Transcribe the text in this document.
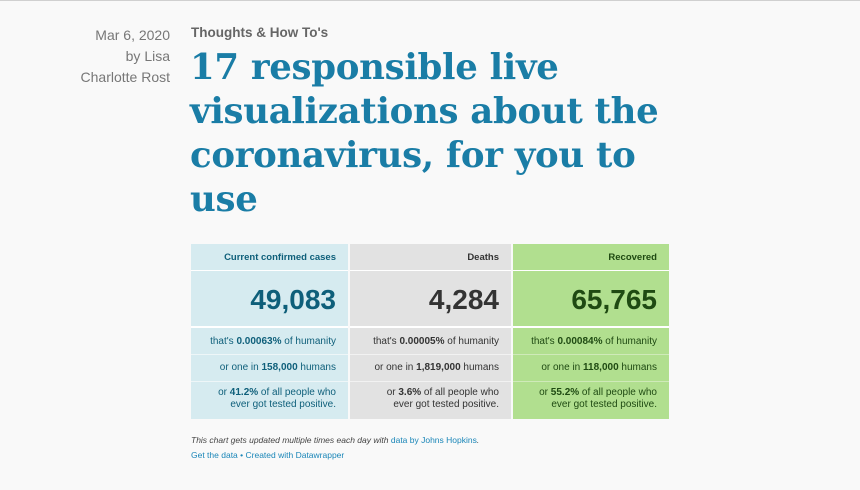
Mar 6, 2020
by Lisa
Charlotte Rost
Thoughts & How To's
17 responsible live visualizations about the coronavirus, for you to use
Current confirmed cases
49,083
that's 0.00063% of humanity
or one in 158,000 humans
or 41.2% of all people who
ever got tested positive.
Deaths
4,284
that's 0.00005% of humanity
or one in 1,819,000 humans
or 3.6% of all people who
ever got tested positive.
Recovered
65,765
that's 0.00084% of humanity
or one in 118,000 humans
or 55.2% of all people who
ever got tested positive.
This chart gets updated multiple times each day with data by Johns Hopkins.
Get the data • Created with Datawrapper
